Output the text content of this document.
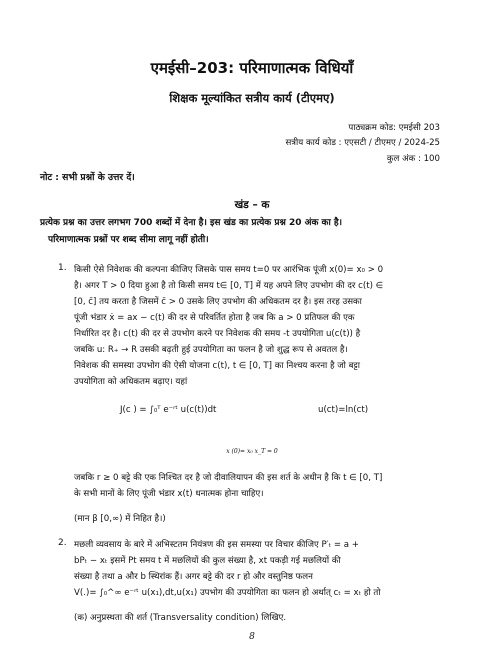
एमईसी–203: परिमाणात्मक विधियाँ
शिक्षक मूल्यांकित सत्रीय कार्य (टीएमए)
पाठ्यक्रम कोड: एमईसी 203
सत्रीय कार्य कोड : एएसटी / टीएमए / 2024-25
कुल अंक : 100
नोट : सभी प्रश्नों के उत्तर दें।
खंड – क
प्रत्येक प्रश्न का उत्तर लगभग 700 शब्दों में देना है। इस खंड का प्रत्येक प्रश्न 20 अंक का है।
परिमाणात्मक प्रश्नों पर शब्द सीमा लागू नहीं होती।
1. किसी ऐसे निवेशक की कल्पना कीजिए जिसके पास समय t=0 पर आरंभिक पूंजी x(0)= x₀ > 0
है। अगर T > 0 दिया हुआ है तो किसी समय t∈ [0, T] में यह अपने लिए उपभोग की दर c(t) ∈
[0, c̄] तय करता है जिसमें c̄ > 0 उसके लिए उपभोग की अधिकतम दर है। इस तरह उसका
पूंजी भंडार ẋ = ax − c(t) की दर से परिवर्तित होता है जब कि a > 0 प्रतिफल की एक
निर्धारित दर है। c(t) की दर से उपभोग करने पर निवेशक की समय -t उपयोगिता u(c(t)) है
जबकि u: R₊ → R उसकी बढ़ती हुई उपयोगिता का फलन है जो शुद्ध रूप से अवतल है।
निवेशक की समस्या उपभोग की ऐसी योजना c(t), t ∈ [0, T] का निश्चय करना है जो बट्टा
उपयोगिता को अधिकतम बढ़ाए। यहां
J(c ) = ∫₀ᵀ e⁻ʳᵗ u(c(t))dt	u(ct)=ln(ct)
x (0)= x₀ x_T = 0
जबकि r ≥ 0 बट्टे की एक निश्चित दर है जो दीवालियापन की इस शर्त के अधीन है कि t ∈ [0, T]
के सभी मानों के लिए पूंजी भंडार x(t) धनात्मक होना चाहिए।
(मान β [0,∞) में निहित है।)
2. मछली व्यवसाय के बारे में अभिस्टतम नियंत्रण की इस समस्या पर विचार कीजिए P′ₜ = a +
bPₜ − xₜ इसमें Pt समय t में मछलियों की कुल संख्या है, xt पकड़ी गई मछलियों की
संख्या है तथा a और b स्थिरांक हैं। अगर बट्टे की दर r हो और वस्तुनिष्ठ फलन
V(.)= ∫₀^∞ e⁻ʳᵗ u(x₁),dt,u(x₁) उपभोग की उपयोगिता का फलन हो अर्थात् cₜ = xₜ हो तो
(क) अनुप्रस्थता की शर्त (Transversality condition) लिखिए.
8
